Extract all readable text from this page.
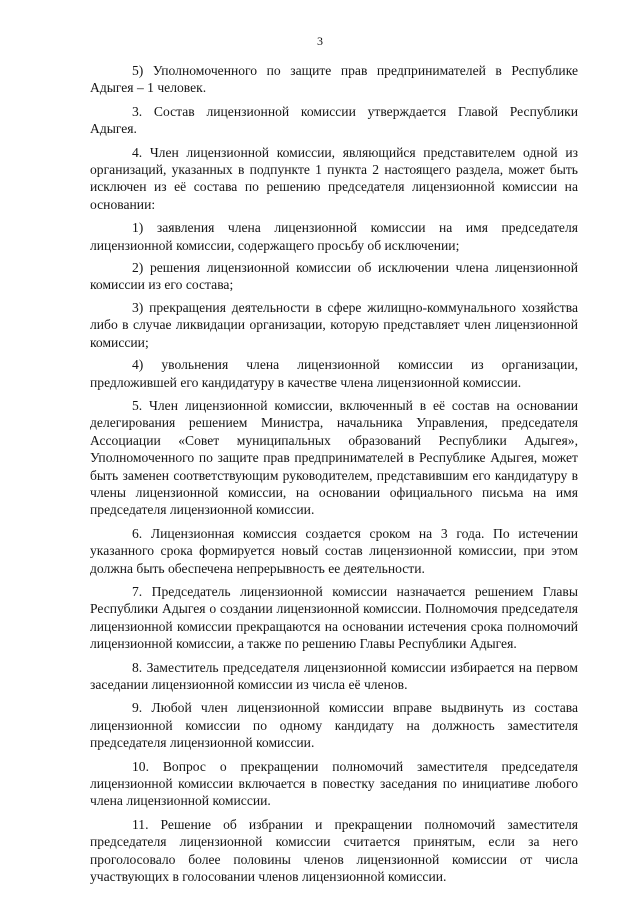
3

5) Уполномоченного по защите прав предпринимателей в Республике Адыгея – 1 человек.

3. Состав лицензионной комиссии утверждается Главой Республики Адыгея.

4. Член лицензионной комиссии, являющийся представителем одной из организаций, указанных в подпункте 1 пункта 2 настоящего раздела, может быть исключен из её состава по решению председателя лицензионной комиссии на основании:

1) заявления члена лицензионной комиссии на имя председателя лицензионной комиссии, содержащего просьбу об исключении;

2) решения лицензионной комиссии об исключении члена лицензионной комиссии из его состава;

3) прекращения деятельности в сфере жилищно-коммунального хозяйства либо в случае ликвидации организации, которую представляет член лицензионной комиссии;

4) увольнения члена лицензионной комиссии из организации, предложившей его кандидатуру в качестве члена лицензионной комиссии.

5. Член лицензионной комиссии, включенный в её состав на основании делегирования решением Министра, начальника Управления, председателя Ассоциации «Совет муниципальных образований Республики Адыгея», Уполномоченного по защите прав предпринимателей в Республике Адыгея, может быть заменен соответствующим руководителем, представившим его кандидатуру в члены лицензионной комиссии, на основании официального письма на имя председателя лицензионной комиссии.

6. Лицензионная комиссия создается сроком на 3 года. По истечении указанного срока формируется новый состав лицензионной комиссии, при этом должна быть обеспечена непрерывность ее деятельности.

7. Председатель лицензионной комиссии назначается решением Главы Республики Адыгея о создании лицензионной комиссии. Полномочия председателя лицензионной комиссии прекращаются на основании истечения срока полномочий лицензионной комиссии, а также по решению Главы Республики Адыгея.

8. Заместитель председателя лицензионной комиссии избирается на первом заседании лицензионной комиссии из числа её членов.

9. Любой член лицензионной комиссии вправе выдвинуть из состава лицензионной комиссии по одному кандидату на должность заместителя председателя лицензионной комиссии.

10. Вопрос о прекращении полномочий заместителя председателя лицензионной комиссии включается в повестку заседания по инициативе любого члена лицензионной комиссии.

11. Решение об избрании и прекращении полномочий заместителя председателя лицензионной комиссии считается принятым, если за него проголосовало более половины членов лицензионной комиссии от числа участвующих в голосовании членов лицензионной комиссии.
